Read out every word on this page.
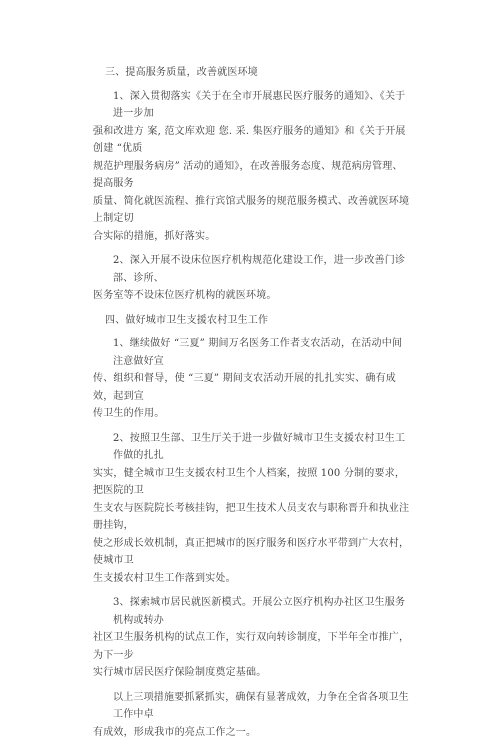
三、提高服务质量，改善就医环境

1、深入贯彻落实《关于在全市开展惠民医疗服务的通知》、《关于进一步加

强和改进方 案, 范文库欢迎 您. 采. 集医疗服务的通知》和《关于开展创建 “优质

规范护理服务病房” 活动的通知》，在改善服务态度、规范病房管理、提高服务

质量、简化就医流程、推行宾馆式服务的规范服务模式、改善就医环境上制定切

合实际的措施，抓好落实。

2、深入开展不设床位医疗机构规范化建设工作，进一步改善门诊部、诊所、

医务室等不设床位医疗机构的就医环境。

四、做好城市卫生支援农村卫生工作

1、继续做好 “三夏” 期间万名医务工作者支农活动，在活动中间注意做好宣

传、组织和督导，使 “三夏” 期间支农活动开展的扎扎实实、确有成效，起到宣

传卫生的作用。

2、按照卫生部、卫生厅关于进一步做好城市卫生支援农村卫生工作做的扎扎

实实，健全城市卫生支援农村卫生个人档案，按照 100 分制的要求，把医院的卫

生支农与医院院长考核挂钩，把卫生技术人员支农与职称晋升和执业注册挂钩，

使之形成长效机制，真正把城市的医疗服务和医疗水平带到广大农村，使城市卫

生支援农村卫生工作落到实处。

3、探索城市居民就医新模式。开展公立医疗机构办社区卫生服务机构或转办

社区卫生服务机构的试点工作，实行双向转诊制度，下半年全市推广，为下一步

实行城市居民医疗保险制度奠定基础。

以上三项措施要抓紧抓实，确保有显著成效，力争在全省各项卫生工作中卓

有成效，形成我市的亮点工作之一。
